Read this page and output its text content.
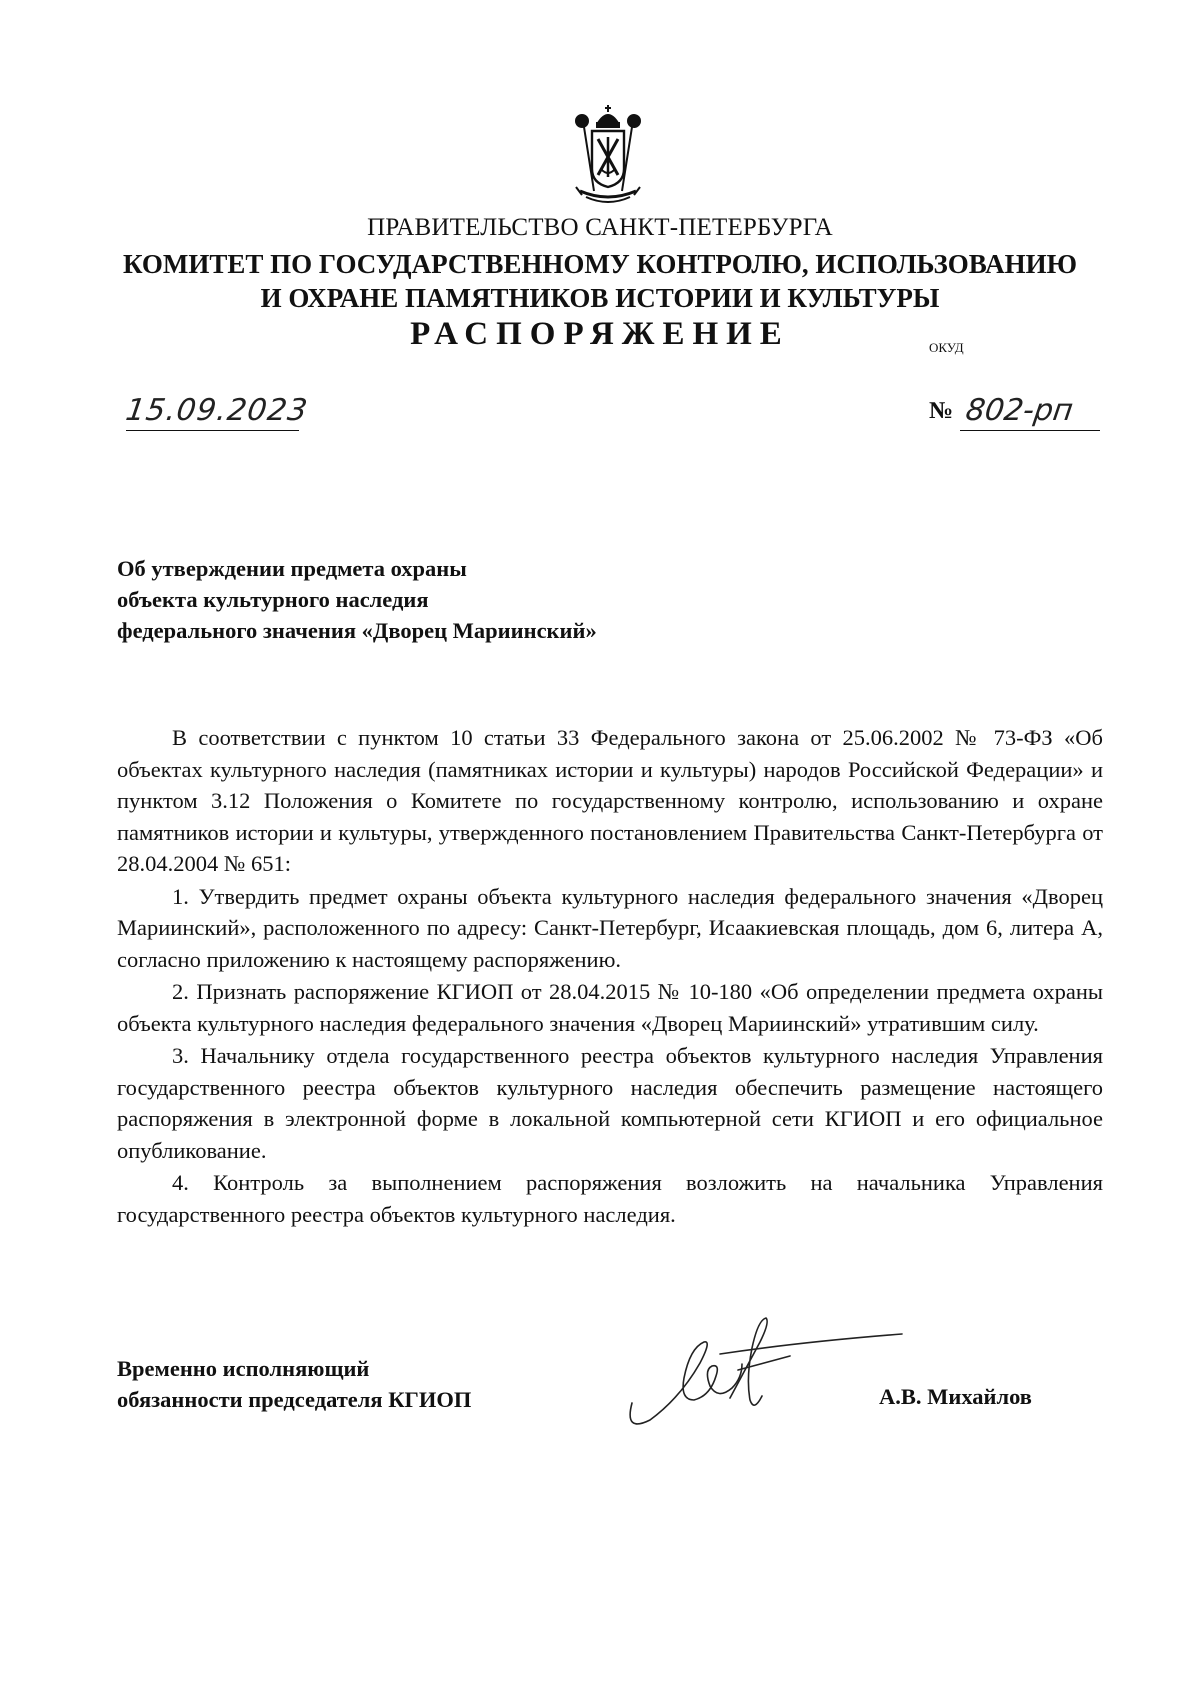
ПРАВИТЕЛЬСТВО САНКТ-ПЕТЕРБУРГА
КОМИТЕТ ПО ГОСУДАРСТВЕННОМУ КОНТРОЛЮ, ИСПОЛЬЗОВАНИЮ
И ОХРАНЕ ПАМЯТНИКОВ ИСТОРИИ И КУЛЬТУРЫ
РАСПОРЯЖЕНИЕ	ОКУД
15.09.2023	№ 802-рп
Об утверждении предмета охраны
объекта культурного наследия
федерального значения «Дворец Мариинский»

В соответствии с пунктом 10 статьи 33 Федерального закона от 25.06.2002 № 73-ФЗ «Об объектах культурного наследия (памятниках истории и культуры) народов Российской Федерации» и пунктом 3.12 Положения о Комитете по государственному контролю, использованию и охране памятников истории и культуры, утвержденного постановлением Правительства Санкт-Петербурга от 28.04.2004 № 651:

1. Утвердить предмет охраны объекта культурного наследия федерального значения «Дворец Мариинский», расположенного по адресу: Санкт-Петербург, Исаакиевская площадь, дом 6, литера А, согласно приложению к настоящему распоряжению.

2. Признать распоряжение КГИОП от 28.04.2015 № 10-180 «Об определении предмета охраны объекта культурного наследия федерального значения «Дворец Мариинский» утратившим силу.

3. Начальнику отдела государственного реестра объектов культурного наследия Управления государственного реестра объектов культурного наследия обеспечить размещение настоящего распоряжения в электронной форме в локальной компьютерной сети КГИОП и его официальное опубликование.

4. Контроль за выполнением распоряжения возложить на начальника Управления государственного реестра объектов культурного наследия.

Временно исполняющий
обязанности председателя КГИОП	А.В. Михайлов
